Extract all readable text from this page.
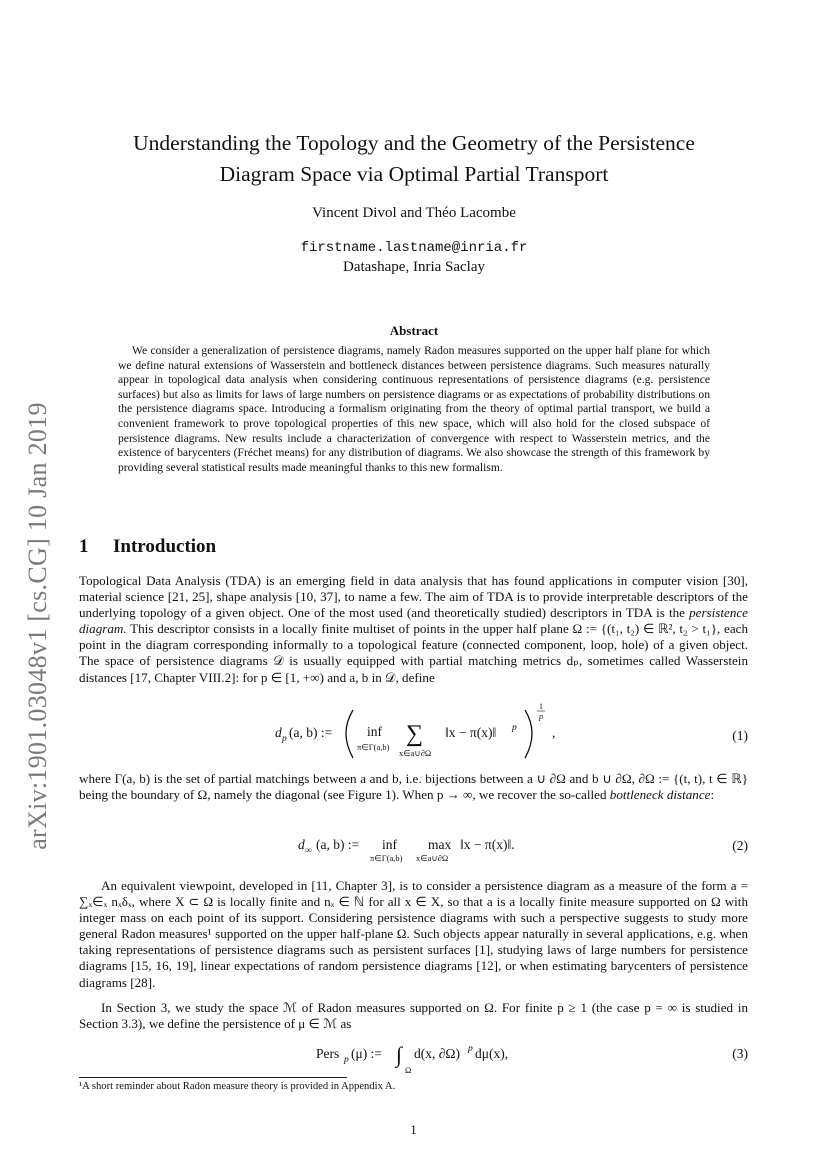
arXiv:1901.03048v1 [cs.CG] 10 Jan 2019
Understanding the Topology and the Geometry of the Persistence
Diagram Space via Optimal Partial Transport
Vincent Divol and Théo Lacombe
firstname.lastname@inria.fr
Datashape, Inria Saclay
Abstract
We consider a generalization of persistence diagrams, namely Radon measures supported on the upper half plane for which we define natural extensions of Wasserstein and bottleneck distances between persistence diagrams. Such measures naturally appear in topological data analysis when considering continuous representations of persistence diagrams (e.g. persistence surfaces) but also as limits for laws of large numbers on persistence diagrams or as expectations of probability distributions on the persistence diagrams space. Introducing a formalism originating from the theory of optimal partial transport, we build a convenient framework to prove topological properties of this new space, which will also hold for the closed subspace of persistence diagrams. New results include a characterization of convergence with respect to Wasserstein metrics, and the existence of barycenters (Fréchet means) for any distribution of diagrams. We also showcase the strength of this framework by providing several statistical results made meaningful thanks to this new formalism.
1 Introduction
Topological Data Analysis (TDA) is an emerging field in data analysis that has found applications in computer vision [30], material science [21, 25], shape analysis [10, 37], to name a few. The aim of TDA is to provide interpretable descriptors of the underlying topology of a given object. One of the most used (and theoretically studied) descriptors in TDA is the persistence diagram. This descriptor consists in a locally finite multiset of points in the upper half plane Ω := {(t₁, t₂) ∈ ℝ², t₂ > t₁}, each point in the diagram corresponding informally to a topological feature (connected component, loop, hole) of a given object. The space of persistence diagrams 𝒟 is usually equipped with partial matching metrics dₚ, sometimes called Wasserstein distances [17, Chapter VIII.2]: for p ∈ [1, +∞) and a, b in 𝒟, define
d p (a, b) :=	inf
π∈Γ(a,b) ∑
x∈a∪∂Ω
‖x − π(x)‖ p
1
p
,	(1)
where Γ(a, b) is the set of partial matchings between a and b, i.e. bijections between a ∪ ∂Ω and b ∪ ∂Ω, ∂Ω := {(t, t), t ∈ ℝ} being the boundary of Ω, namely the diagonal (see Figure 1). When p → ∞, we recover the so-called bottleneck distance:
d ∞ (a, b) := inf
π∈Γ(a,b)
max
x∈a∪∂Ω
‖x − π(x)‖.	(2)
An equivalent viewpoint, developed in [11, Chapter 3], is to consider a persistence diagram as a measure of the form a = ∑ₓ∈ₓ nₓδₓ, where X ⊂ Ω is locally finite and nₓ ∈ ℕ for all x ∈ X, so that a is a locally finite measure supported on Ω with integer mass on each point of its support. Considering persistence diagrams with such a perspective suggests to study more general Radon measures¹ supported on the upper half-plane Ω. Such objects appear naturally in several applications, e.g. when taking representations of persistence diagrams such as persistent surfaces [1], studying laws of large numbers for persistence diagrams [15, 16, 19], linear expectations of random persistence diagrams [12], or when estimating barycenters of persistence diagrams [28].
In Section 3, we study the space ℳ of Radon measures supported on Ω. For finite p ≥ 1 (the case p = ∞ is studied in Section 3.3), we define the persistence of μ ∈ ℳ as
Pers p (μ) := ∫
Ω
d(x, ∂Ω) p dμ(x),	(3)
¹A short reminder about Radon measure theory is provided in Appendix A.
1
